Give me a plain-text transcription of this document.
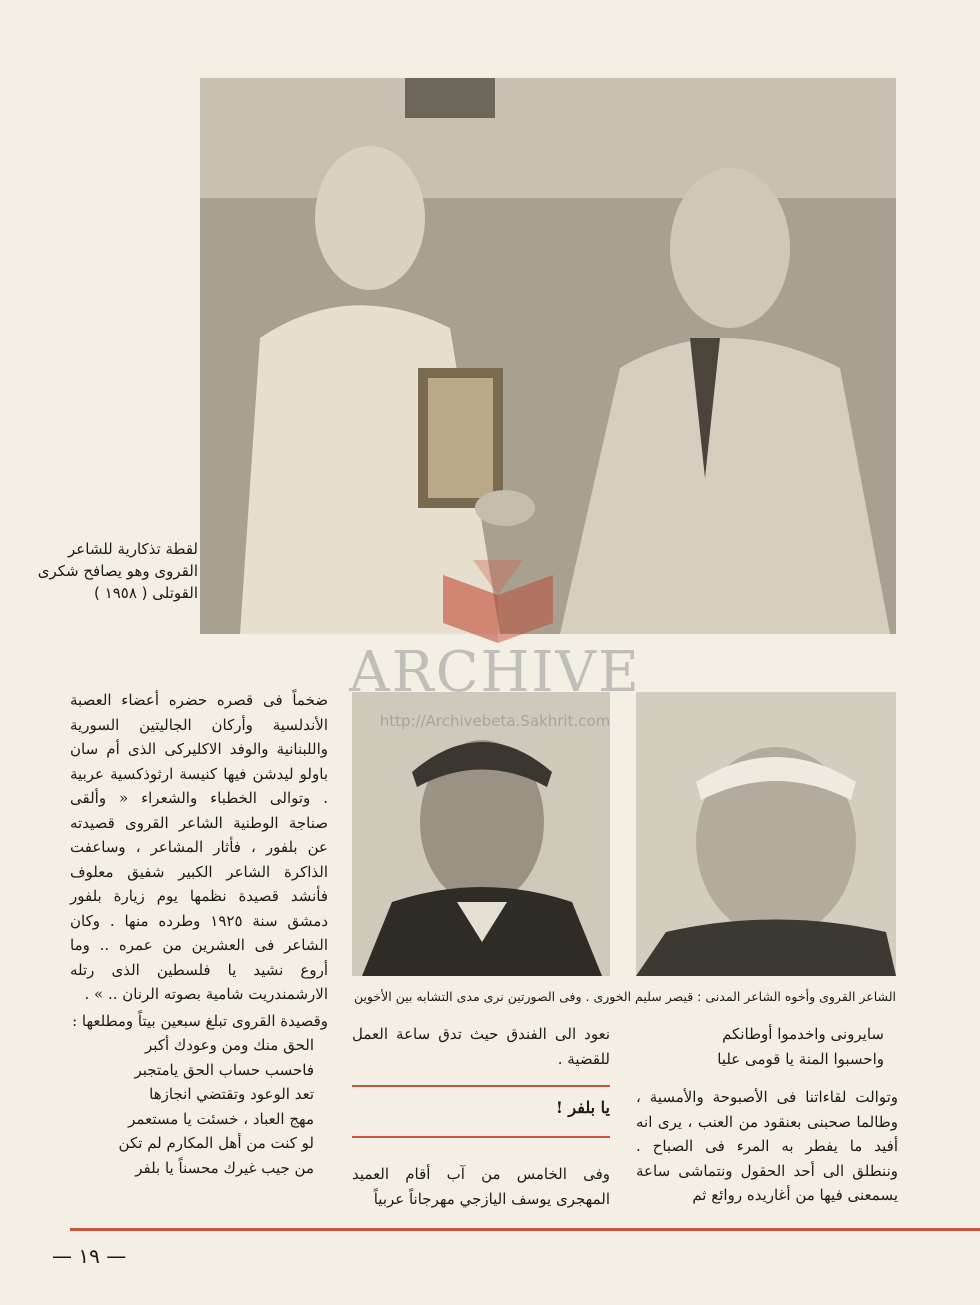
لقطة تذكارية للشاعر القروى وهو يصافح شكرى القوتلى ( ١٩٥٨ )
الشاعر القروى وأخوه الشاعر المدنى : قيصر سليم الخورى . وفى الصورتين نرى مدى التشابه بين الأخوين
ARCHIVE
http://Archivebeta.Sakhrit.com

ضخماً فى قصره حضره أعضاء العصبة الأندلسية وأركان الجاليتين السورية واللبنانية والوفد الاكليركى الذى أم سان باولو ليدشن فيها كنيسة ارثوذكسية عربية . وتوالى الخطباء والشعراء « وألقى صناجة الوطنية الشاعر القروى قصيدته عن بلفور ، فأثار المشاعر ، وساعفت الذاكرة الشاعر الكبير شفيق معلوف فأنشد قصيدة نظمها يوم زيارة بلفور دمشق سنة ١٩٢٥ وطرده منها . وكان الشاعر فى العشرين من عمره .. وما أروع نشيد يا فلسطين الذى رتله الارشمندريت شامية بصوته الرنان .. » .

وقصيدة القروى تبلغ سبعين بيتاً ومطلعها :

الحق منك ومن وعودك أكبر
فاحسب حساب الحق يامتجبر
تعد الوعود وتقتضي انجازها
مهج العباد ، خسئت يا مستعمر
لو كنت من أهل المكارم لم تكن
من جيب غيرك محسناً يا بلفر
نعود الى الفندق حيث تدق ساعة العمل للقضية .
يا بلفر !
وفى الخامس من آب أقام العميد المهجرى يوسف اليازجي مهرجاناً عربياً
سايرونى واخدموا أوطانكم
واحسبوا المنة يا قومى عليا

وتوالت لقاءاتنا فى الأصبوحة والأمسية ، وطالما صحبنى بعنقود من العنب ، يرى انه أفيد ما يفطر به المرء فى الصباح . وننطلق الى أحد الحقول ونتماشى ساعة يسمعنى فيها من أغاريده روائع ثم

— ١٩ —
